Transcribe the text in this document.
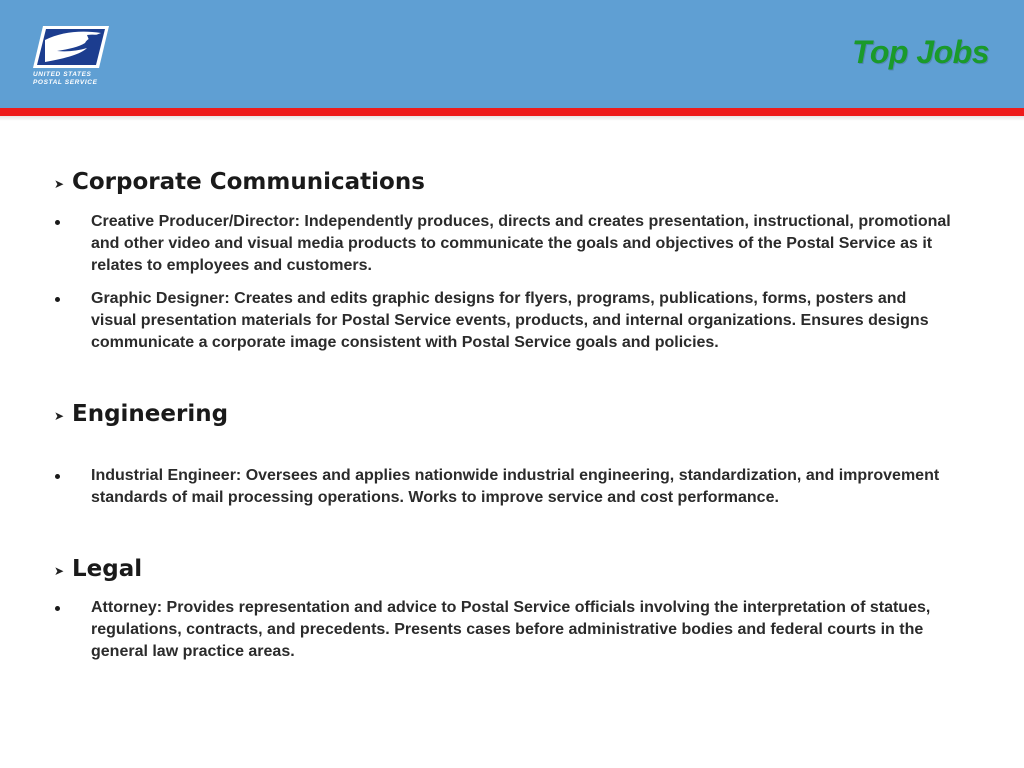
UNITED STATES
POSTAL SERVICE
Top Jobs
➤ Corporate Communications
Creative Producer/Director: Independently produces, directs and creates presentation, instructional, promotional and other video and visual media products to communicate the goals and objectives of the Postal Service as it relates to employees and customers.
Graphic Designer: Creates and edits graphic designs for flyers, programs, publications, forms, posters and visual presentation materials for Postal Service events, products, and internal organizations. Ensures designs communicate a corporate image consistent with Postal Service goals and policies.
➤ Engineering
Industrial Engineer: Oversees and applies nationwide industrial engineering, standardization, and improvement standards of mail processing operations. Works to improve service and cost performance.
➤ Legal
Attorney: Provides representation and advice to Postal Service officials involving the interpretation of statues, regulations, contracts, and precedents. Presents cases before administrative bodies and federal courts in the general law practice areas.
